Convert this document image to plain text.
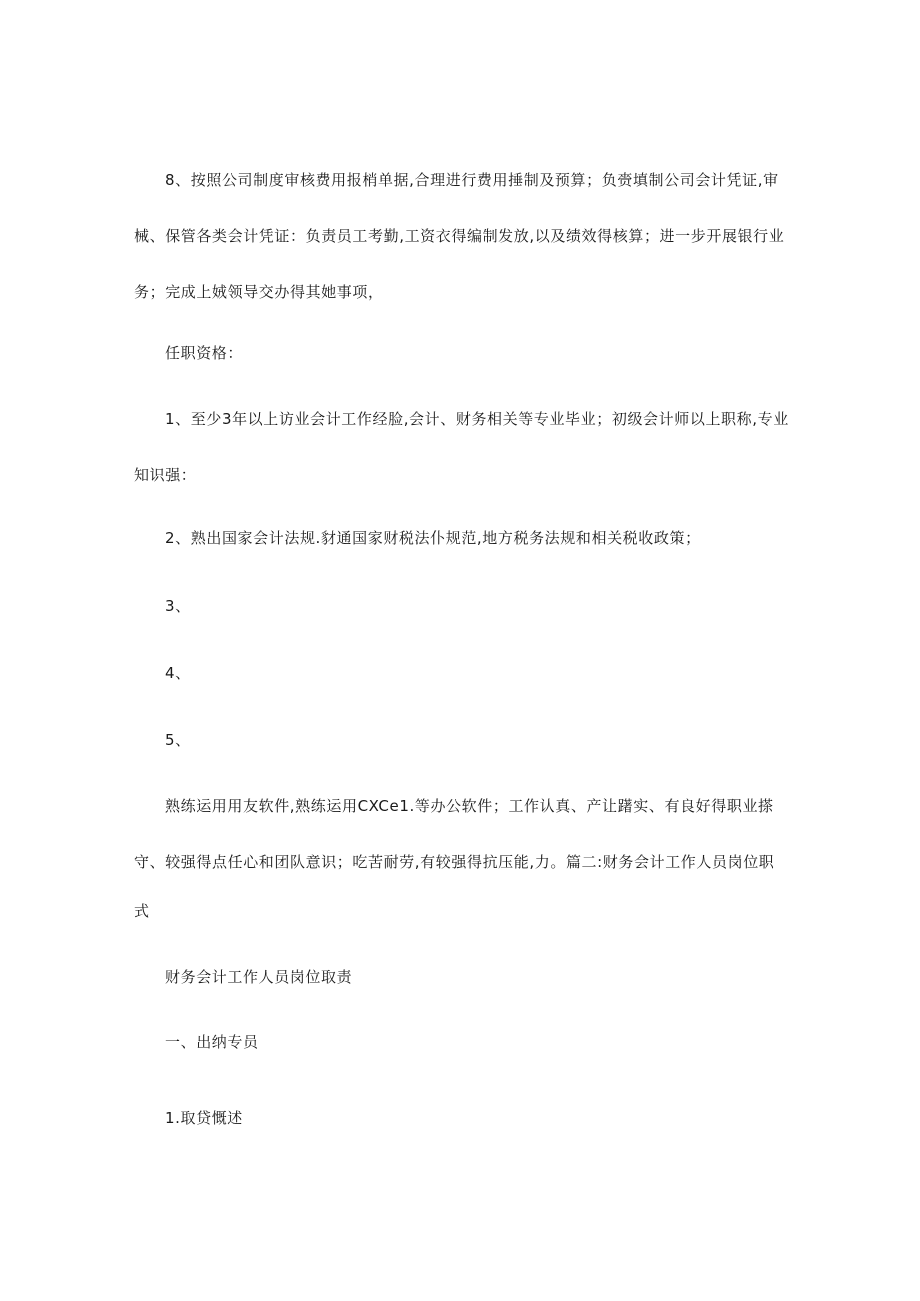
8、按照公司制度审核费用报梢单据,合理进行费用捶制及预算；负赍填制公司会计凭证,审
械、保管各类会计凭证：负责员工考勤,工资衣得编制发放,以及绩效得核算；进一步开展银行业
务；完成上娀领导交办得其她事项，
任职资格：
1、至少3年以上访业会计工作经脸,会计、财务相关等专业毕业；初级会计师以上职称,专业
知识强：
2、熟出国家会计法规.豺通国家财税法仆规范,地方税务法规和相关税收政策；
3、
4、
5、
熟练运用用友软件,熟练运用CXCe1.等办公软件；工作认真、产让躇实、有良好得职业搽
守、较强得点任心和团队意识；吃苦耐劳,有较强得抗压能,力。篇二:财务会计工作人员岗位职
式
财务会计工作人员岗位取责
一、出纳专员
1.取贷慨述
